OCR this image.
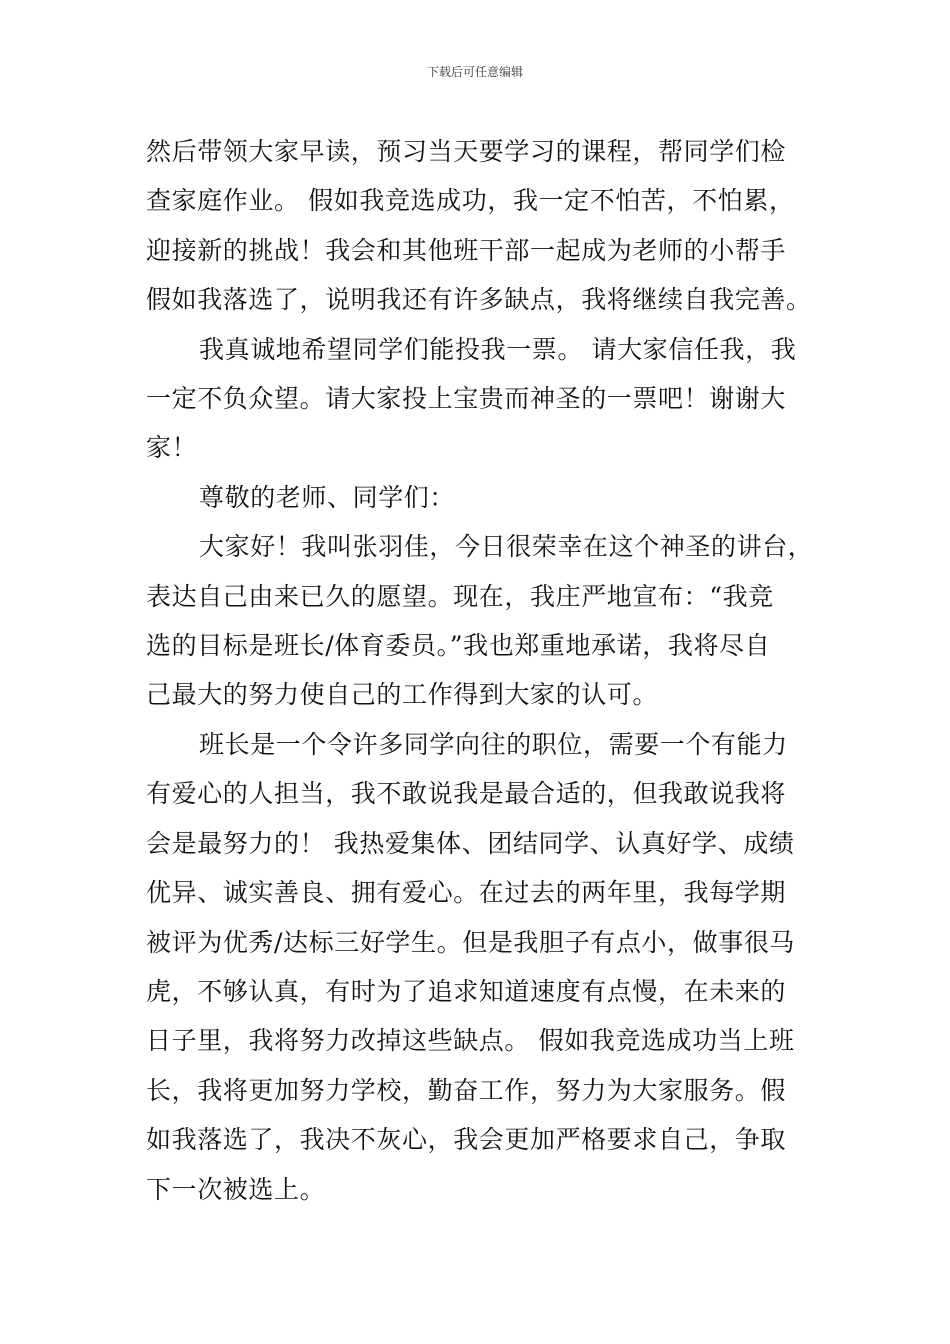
下载后可任意编辑
然后带领大家早读，预习当天要学习的课程，帮同学们检
查家庭作业。 假如我竞选成功，我一定不怕苦，不怕累，
迎接新的挑战！我会和其他班干部一起成为老师的小帮手
假如我落选了，说明我还有许多缺点，我将继续自我完善。
我真诚地希望同学们能投我一票。 请大家信任我，我
一定不负众望。请大家投上宝贵而神圣的一票吧！谢谢大
家！
尊敬的老师、同学们：
大家好！我叫张羽佳，今日很荣幸在这个神圣的讲台，
表达自己由来已久的愿望。现在，我庄严地宣布：“我竞
选的目标是班长/体育委员。”我也郑重地承诺，我将尽自
己最大的努力使自己的工作得到大家的认可。
班长是一个令许多同学向往的职位，需要一个有能力
有爱心的人担当，我不敢说我是最合适的，但我敢说我将
会是最努力的！ 我热爱集体、团结同学、认真好学、成绩
优异、诚实善良、拥有爱心。在过去的两年里，我每学期
被评为优秀/达标三好学生。但是我胆子有点小，做事很马
虎，不够认真，有时为了追求知道速度有点慢，在未来的
日子里，我将努力改掉这些缺点。 假如我竞选成功当上班
长，我将更加努力学校，勤奋工作，努力为大家服务。假
如我落选了，我决不灰心，我会更加严格要求自己，争取
下一次被选上。
